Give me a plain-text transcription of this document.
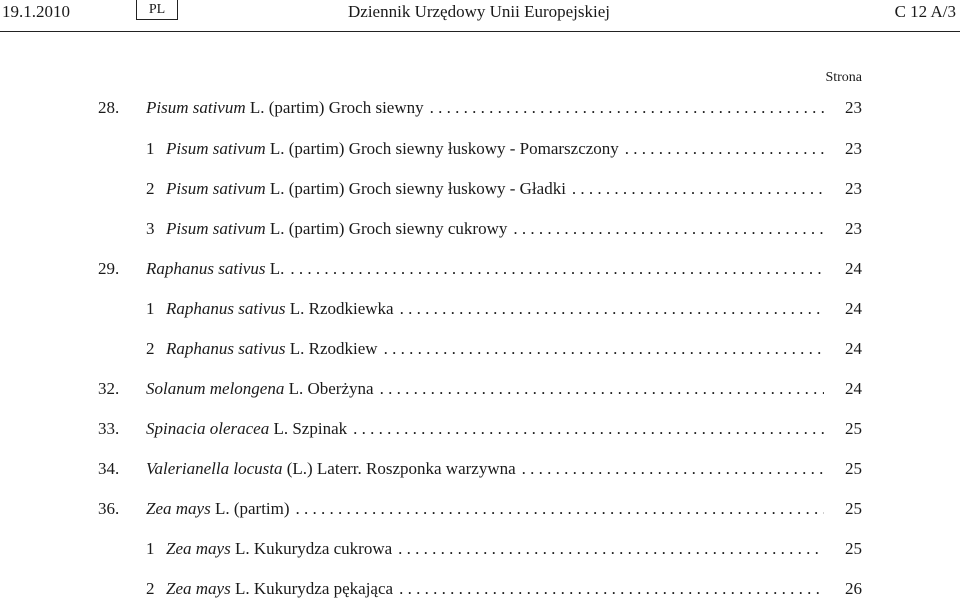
19.1.2010	PL	Dziennik Urzędowy Unii Europejskiej	C 12 A/3
Strona
28. Pisum sativum L. (partim) Groch siewny . . .	23
1 Pisum sativum L. (partim) Groch siewny łuskowy - Pomarszczony . . .	23
2 Pisum sativum L. (partim) Groch siewny łuskowy - Gładki . . .	23
3 Pisum sativum L. (partim) Groch siewny cukrowy . . .	23
29. Raphanus sativus L. . . .	24
1 Raphanus sativus L. Rzodkiewka . . .	24
2 Raphanus sativus L. Rzodkiew . . .	24
32. Solanum melongena L. Oberżyna . . .	24
33. Spinacia oleracea L. Szpinak . . .	25
34. Valerianella locusta (L.) Laterr. Roszponka warzywna . . .	25
36. Zea mays L. (partim) . . .	25
1 Zea mays L. Kukurydza cukrowa . . .	25
2 Zea mays L. Kukurydza pękająca . . .	26
